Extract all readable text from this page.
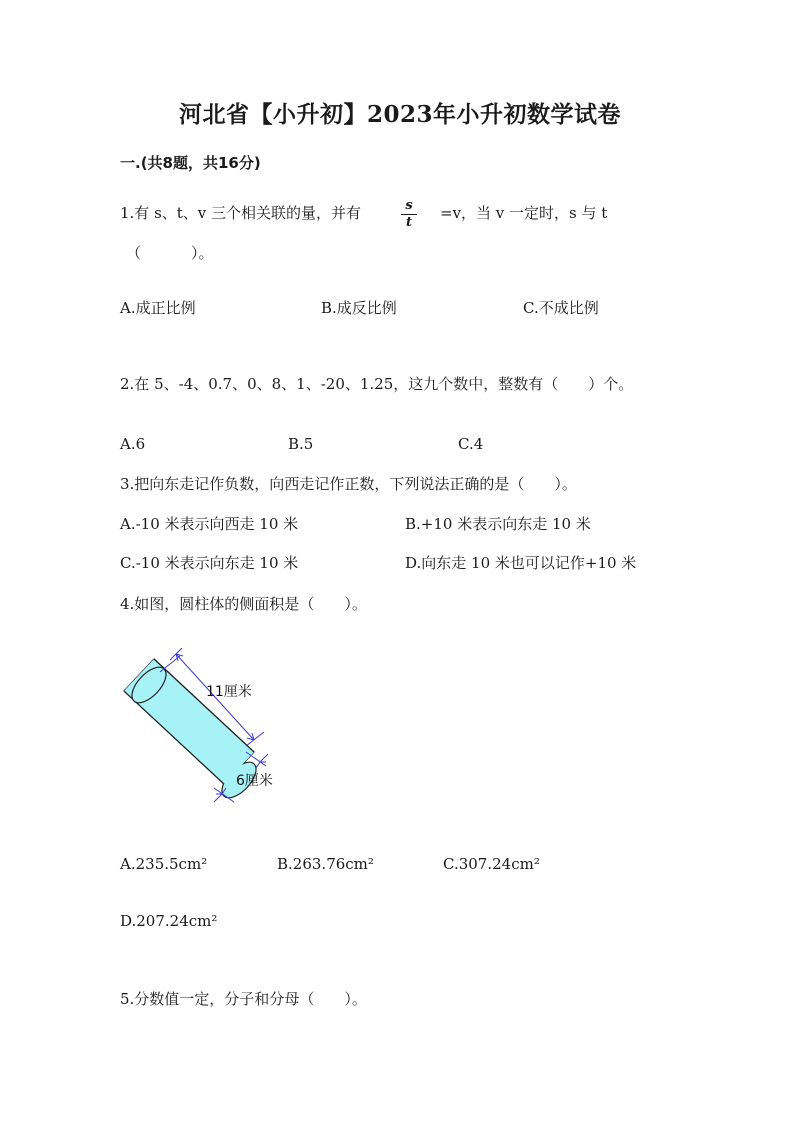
河北省【小升初】2023年小升初数学试卷
一.(共8题，共16分)
1.有 s、t、v 三个相关联的量，并有	s
t
=v，当 v 一定时，s 与 t
（	）。
A.成正比例	B.成反比例	C.不成比例
2.在 5、-4、0.7、0、8、1、-20、1.25，这九个数中，整数有（　　）个。
A.6	B.5	C.4
3.把向东走记作负数，向西走记作正数，下列说法正确的是（　　）。
A.-10 米表示向西走 10 米	B.+10 米表示向东走 10 米
C.-10 米表示向东走 10 米	D.向东走 10 米也可以记作+10 米
4.如图，圆柱体的侧面积是（　　）。
11厘米
6厘米
A.235.5cm²	B.263.76cm²	C.307.24cm²
D.207.24cm²
5.分数值一定，分子和分母（　　）。
